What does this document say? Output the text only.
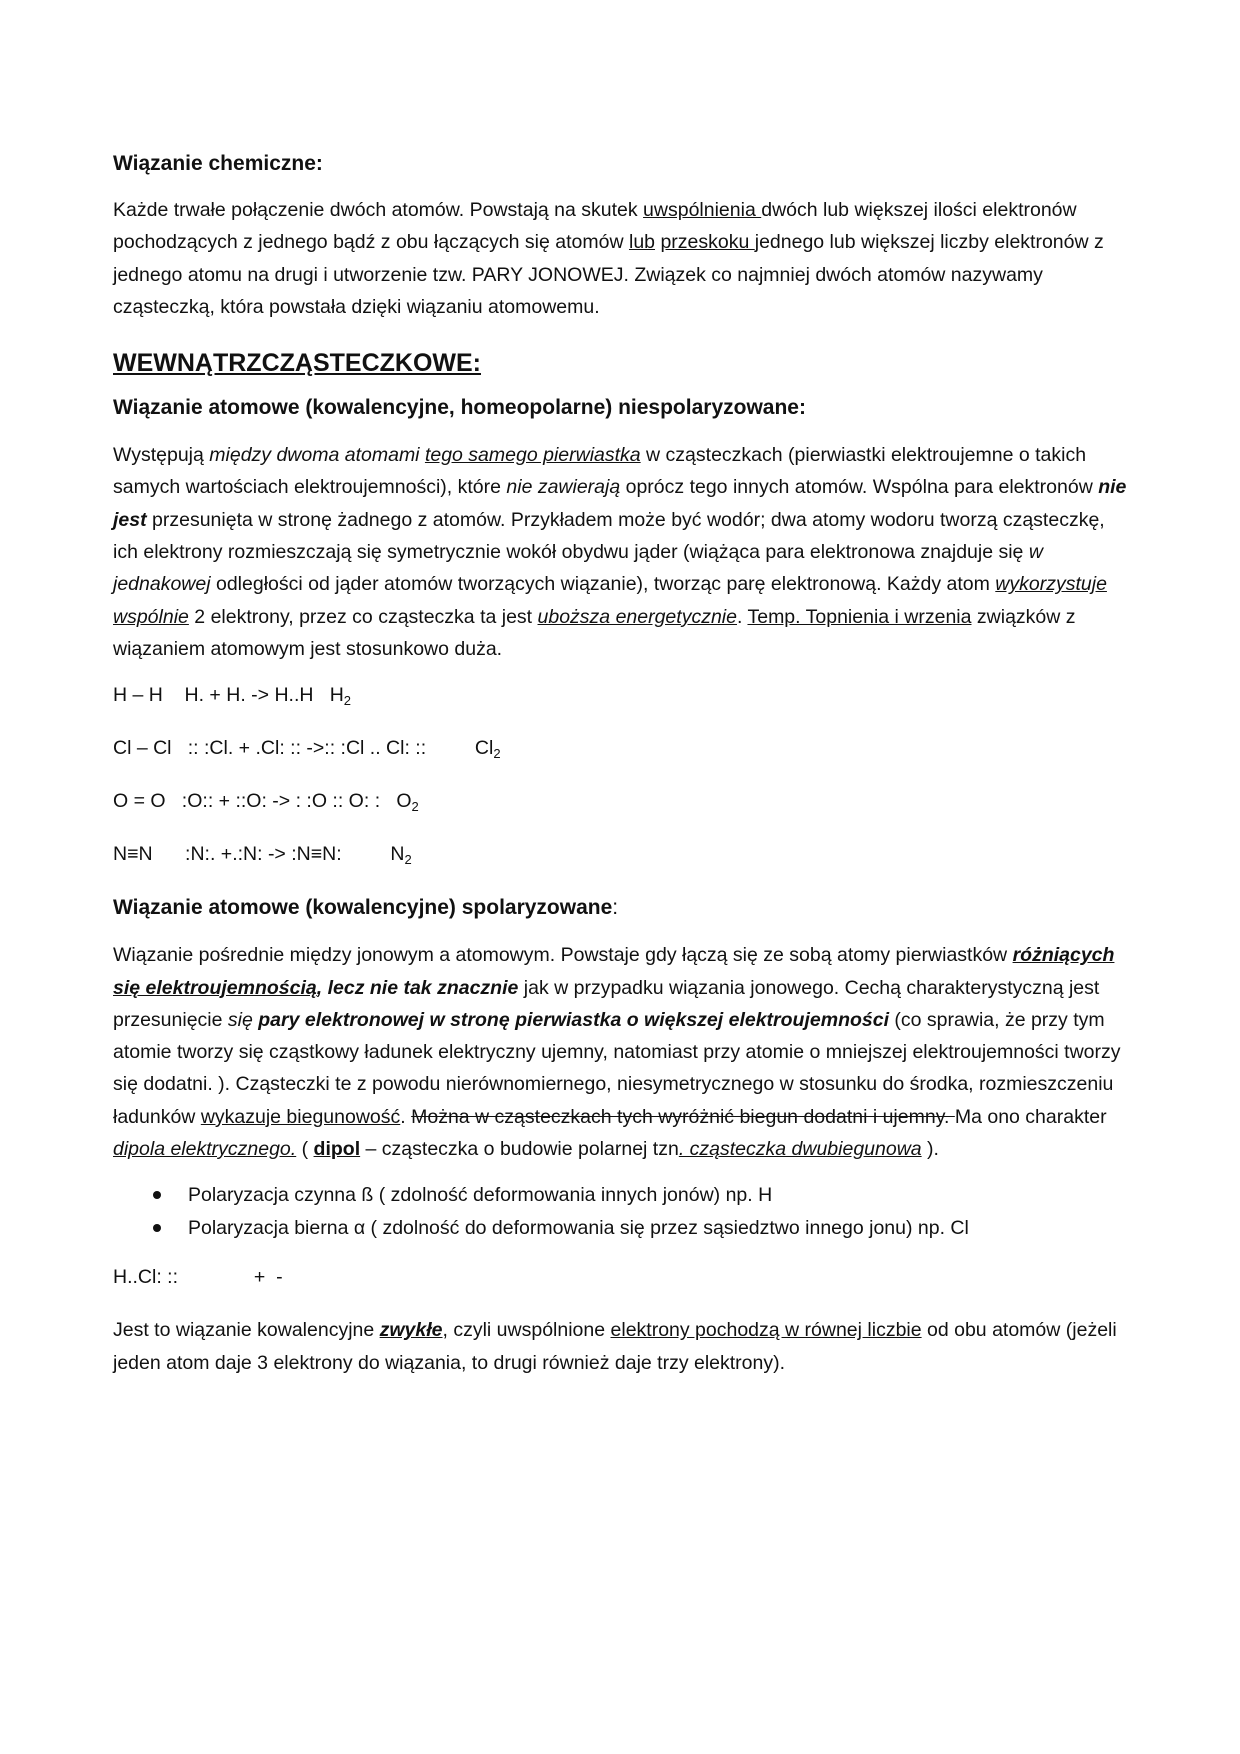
Wiązanie chemiczne:

Każde trwałe połączenie dwóch atomów. Powstają na skutek uwspólnienia dwóch lub większej ilości elektronów pochodzących z jednego bądź z obu łączących się atomów lub przeskoku jednego lub większej liczby elektronów z jednego atomu na drugi i utworzenie tzw. PARY JONOWEJ. Związek co najmniej dwóch atomów nazywamy cząsteczką, która powstała dzięki wiązaniu atomowemu.

WEWNĄTRZCZĄSTECZKOWE:
Wiązanie atomowe (kowalencyjne, homeopolarne) niespolaryzowane:

Występują między dwoma atomami tego samego pierwiastka w cząsteczkach (pierwiastki elektroujemne o takich samych wartościach elektroujemności), które nie zawierają oprócz tego innych atomów. Wspólna para elektronów nie jest przesunięta w stronę żadnego z atomów. Przykładem może być wodór; dwa atomy wodoru tworzą cząsteczkę, ich elektrony rozmieszczają się symetrycznie wokół obydwu jąder (wiążąca para elektronowa znajduje się w jednakowej odległości od jąder atomów tworzących wiązanie), tworząc parę elektronową. Każdy atom wykorzystuje wspólnie 2 elektrony, przez co cząsteczka ta jest uboższa energetycznie. Temp. Topnienia i wrzenia związków z wiązaniem atomowym jest stosunkowo duża.

H – H    H. + H. -> H..H   $H_2$

Cl – Cl   :: :Cl. + .Cl: :: ->:: :Cl .. Cl: ::         $Cl_2$

O = O   :O:: + ::O: -> : :O :: O: :   $O_2$

N≡N      :N:. +.:N: -> :N≡N:         $N_2$

Wiązanie atomowe (kowalencyjne) spolaryzowane:

Wiązanie pośrednie między jonowym a atomowym. Powstaje gdy łączą się ze sobą atomy pierwiastków różniących się elektroujemnością, lecz nie tak znacznie jak w przypadku wiązania jonowego. Cechą charakterystyczną jest przesunięcie się pary elektronowej w stronę pierwiastka o większej elektroujemności (co sprawia, że przy tym atomie tworzy się cząstkowy ładunek elektryczny ujemny, natomiast przy atomie o mniejszej elektroujemności tworzy się dodatni. ). Cząsteczki te z powodu nierównomiernego, niesymetrycznego w stosunku do środka, rozmieszczeniu ładunków wykazuje biegunowość. Można w cząsteczkach tych wyróżnić biegun dodatni i ujemny. Ma ono charakter dipola elektrycznego. ( dipol – cząsteczka o budowie polarnej tzn. cząsteczka dwubiegunowa ).

Polaryzacja czynna ß ( zdolność deformowania innych jonów) np. H
Polaryzacja bierna α ( zdolność do deformowania się przez sąsiedztwo innego jonu) np. Cl

H..Cl: ::              +  -

Jest to wiązanie kowalencyjne zwykłe, czyli uwspólnione elektrony pochodzą w równej liczbie od obu atomów (jeżeli jeden atom daje 3 elektrony do wiązania, to drugi również daje trzy elektrony).
